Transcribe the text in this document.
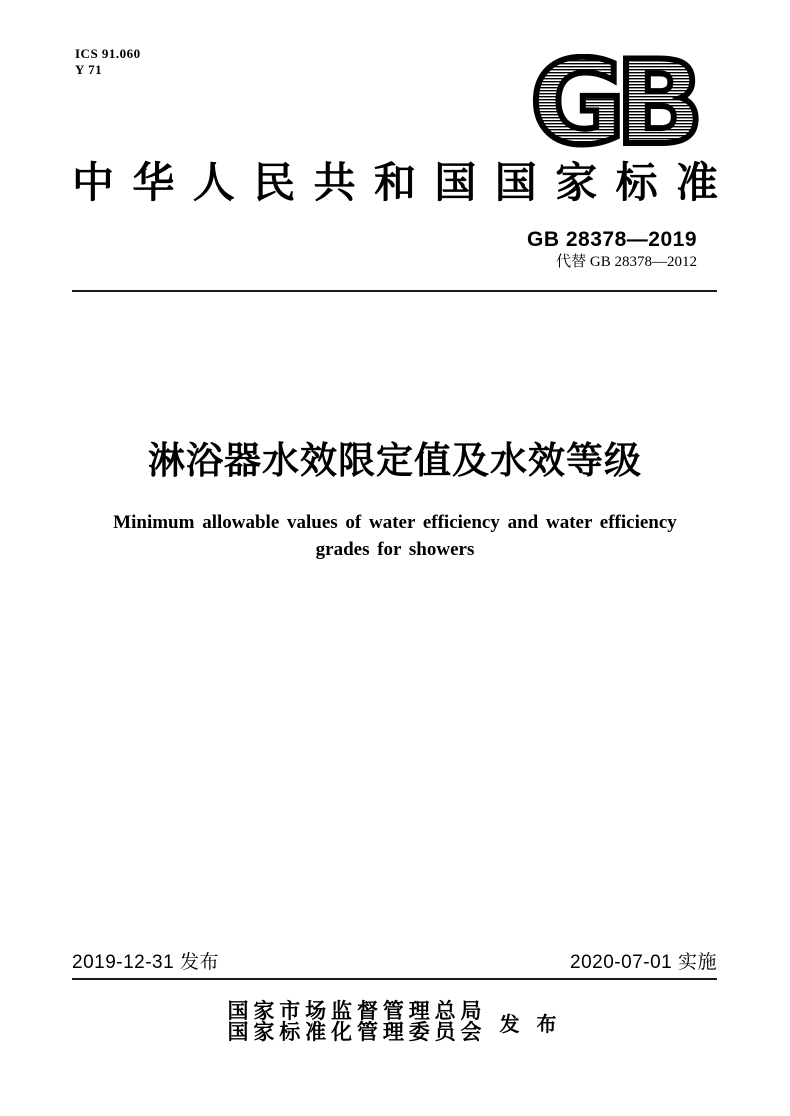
ICS 91.060
Y 71	GB
中华人民共和国国家标准
GB 28378—2019
代替 GB 28378—2012
淋浴器水效限定值及水效等级
Minimum allowable values of water efficiency and water efficiency
grades for showers
2019-12-31 发布	2020-07-01 实施
国家市场监督管理总局
国家标准化管理委员会 发 布
